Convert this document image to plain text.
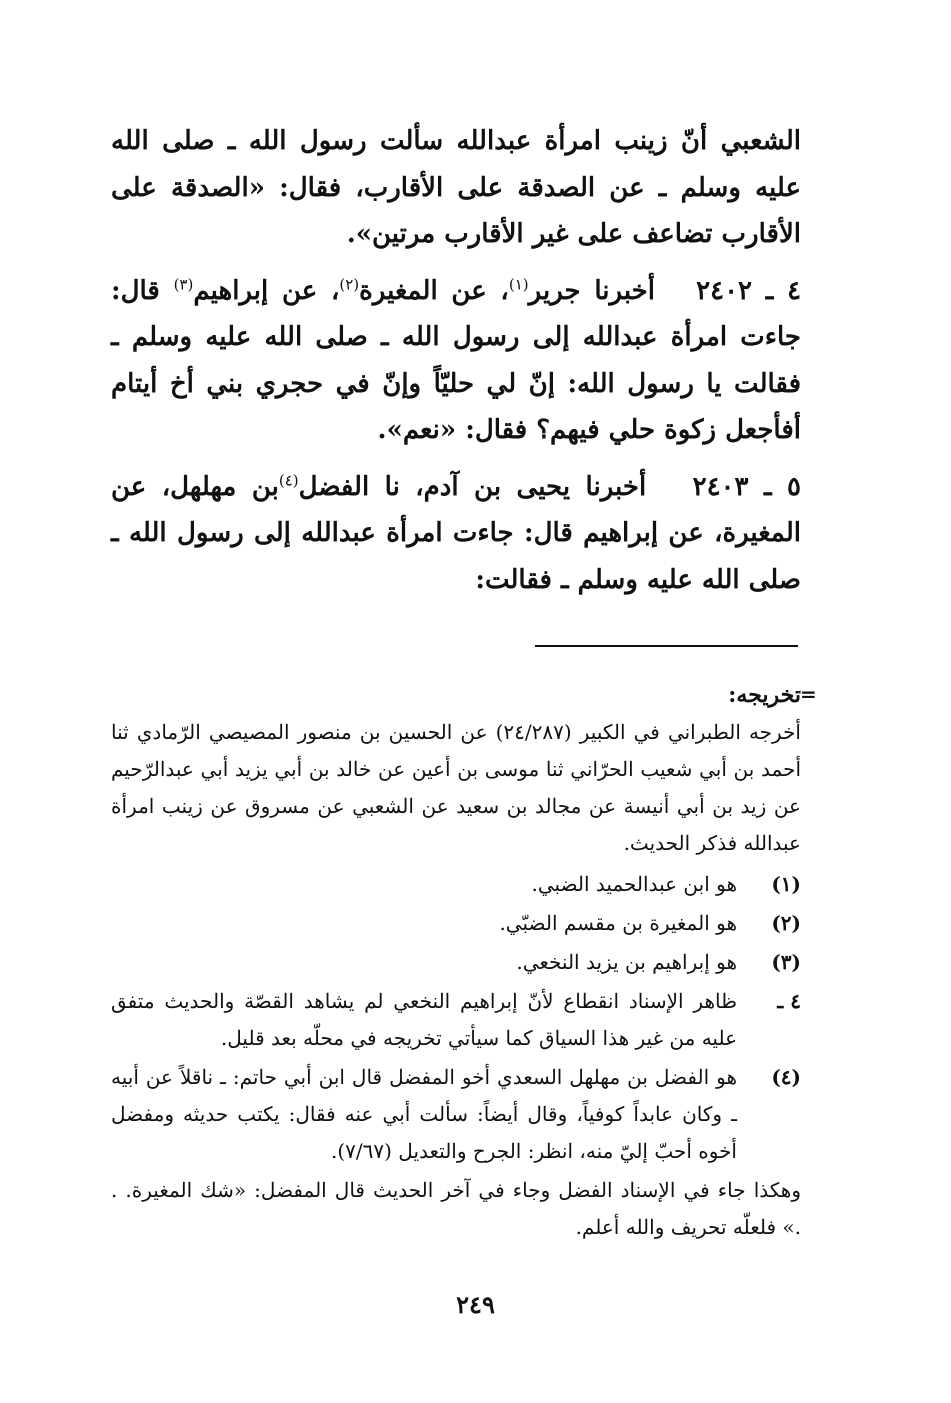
الشعبي أنّ زينب امرأة عبدالله سألت رسول الله ـ صلى الله عليه وسلم ـ عن الصدقة على الأقارب، فقال: «الصدقة على الأقارب تضاعف على غير الأقارب مرتين».

٤ ـ ٢٤٠٢   أخبرنا جرير$^{(١)}$، عن المغيرة$^{(٢)}$، عن إبراهيم$^{(٣)}$ قال: جاءت امرأة عبدالله إلى رسول الله ـ صلى الله عليه وسلم ـ فقالت يا رسول الله: إنّ لي حليّاً وإنّ في حجري بني أخ أيتام أفأجعل زكوة حلي فيهم؟ فقال: «نعم».

٥ ـ ٢٤٠٣   أخبرنا يحيى بن آدم، نا الفضل$^{(٤)}$بن مهلهل، عن المغيرة، عن إبراهيم قال: جاءت امرأة عبدالله إلى رسول الله ـ صلى الله عليه وسلم ـ فقالت:

=
تخريجه:
أخرجه الطبراني في الكبير (٢٤/٢٨٧) عن الحسين بن منصور المصيصي الرّمادي ثنا أحمد بن أبي شعيب الحرّاني ثنا موسى بن أعين عن خالد بن أبي يزيد أبي عبدالرّحيم عن زيد بن أبي أنيسة عن مجالد بن سعيد عن الشعبي عن مسروق عن زينب امرأة عبدالله فذكر الحديث.
(١)
هو ابن عبدالحميد الضبي.
(٢)
هو المغيرة بن مقسم الضبّي.
(٣)
هو إبراهيم بن يزيد النخعي.
٤ ـ
ظاهر الإسناد انقطاع لأنّ إبراهيم النخعي لم يشاهد القصّة والحديث متفق عليه من غير هذا السياق كما سيأتي تخريجه في محلّه بعد قليل.
(٤)
هو الفضل بن مهلهل السعدي أخو المفضل قال ابن أبي حاتم: ـ ناقلاً عن أبيه ـ وكان عابداً كوفياً، وقال أيضاً: سألت أبي عنه فقال: يكتب حديثه ومفضل أخوه أحبّ إليّ منه، انظر: الجرح والتعديل (٧/٦٧).
وهكذا جاء في الإسناد الفضل وجاء في آخر الحديث قال المفضل: «شك المغيرة. . .» فلعلّه تحريف والله أعلم.
٢٤٩
